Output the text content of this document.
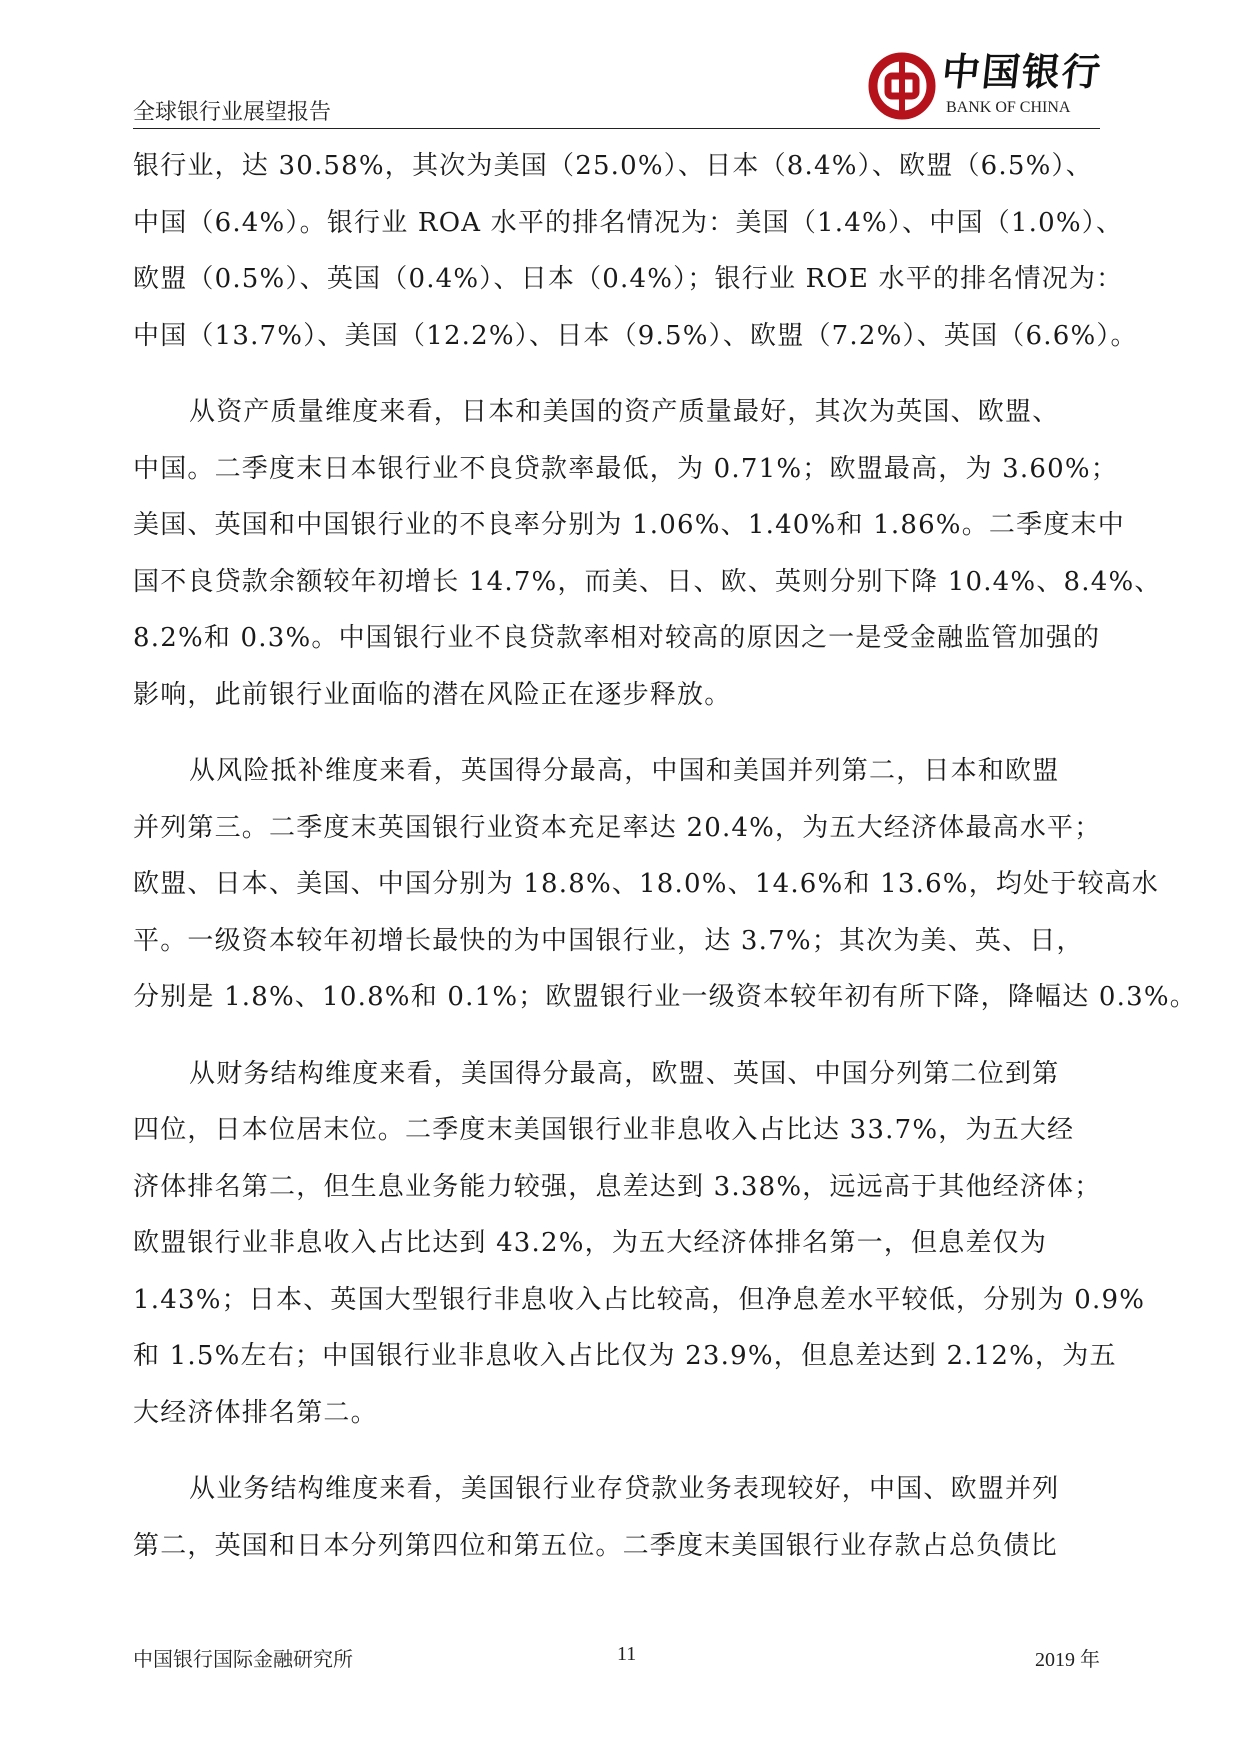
全球银行业展望报告
中国银行
BANK OF CHINA
银行业，达 30.58%，其次为美国（25.0%）、日本（8.4%）、欧盟（6.5%）、
中国（6.4%）。银行业 ROA 水平的排名情况为：美国（1.4%）、中国（1.0%）、
欧盟（0.5%）、英国（0.4%）、日本（0.4%）；银行业 ROE 水平的排名情况为：
中国（13.7%）、美国（12.2%）、日本（9.5%）、欧盟（7.2%）、英国（6.6%）。
从资产质量维度来看，日本和美国的资产质量最好，其次为英国、欧盟、
中国。二季度末日本银行业不良贷款率最低，为 0.71%；欧盟最高，为 3.60%；
美国、英国和中国银行业的不良率分别为 1.06%、1.40%和 1.86%。二季度末中
国不良贷款余额较年初增长 14.7%，而美、日、欧、英则分别下降 10.4%、8.4%、
8.2%和 0.3%。中国银行业不良贷款率相对较高的原因之一是受金融监管加强的
影响，此前银行业面临的潜在风险正在逐步释放。
从风险抵补维度来看，英国得分最高，中国和美国并列第二，日本和欧盟
并列第三。二季度末英国银行业资本充足率达 20.4%，为五大经济体最高水平；
欧盟、日本、美国、中国分别为 18.8%、18.0%、14.6%和 13.6%，均处于较高水
平。一级资本较年初增长最快的为中国银行业，达 3.7%；其次为美、英、日，
分别是 1.8%、10.8%和 0.1%；欧盟银行业一级资本较年初有所下降，降幅达 0.3%。
从财务结构维度来看，美国得分最高，欧盟、英国、中国分列第二位到第
四位，日本位居末位。二季度末美国银行业非息收入占比达 33.7%，为五大经
济体排名第二，但生息业务能力较强，息差达到 3.38%，远远高于其他经济体；
欧盟银行业非息收入占比达到 43.2%，为五大经济体排名第一，但息差仅为
1.43%；日本、英国大型银行非息收入占比较高，但净息差水平较低，分别为 0.9%
和 1.5%左右；中国银行业非息收入占比仅为 23.9%，但息差达到 2.12%，为五
大经济体排名第二。
从业务结构维度来看，美国银行业存贷款业务表现较好，中国、欧盟并列
第二，英国和日本分列第四位和第五位。二季度末美国银行业存款占总负债比
中国银行国际金融研究所	11	2019 年
